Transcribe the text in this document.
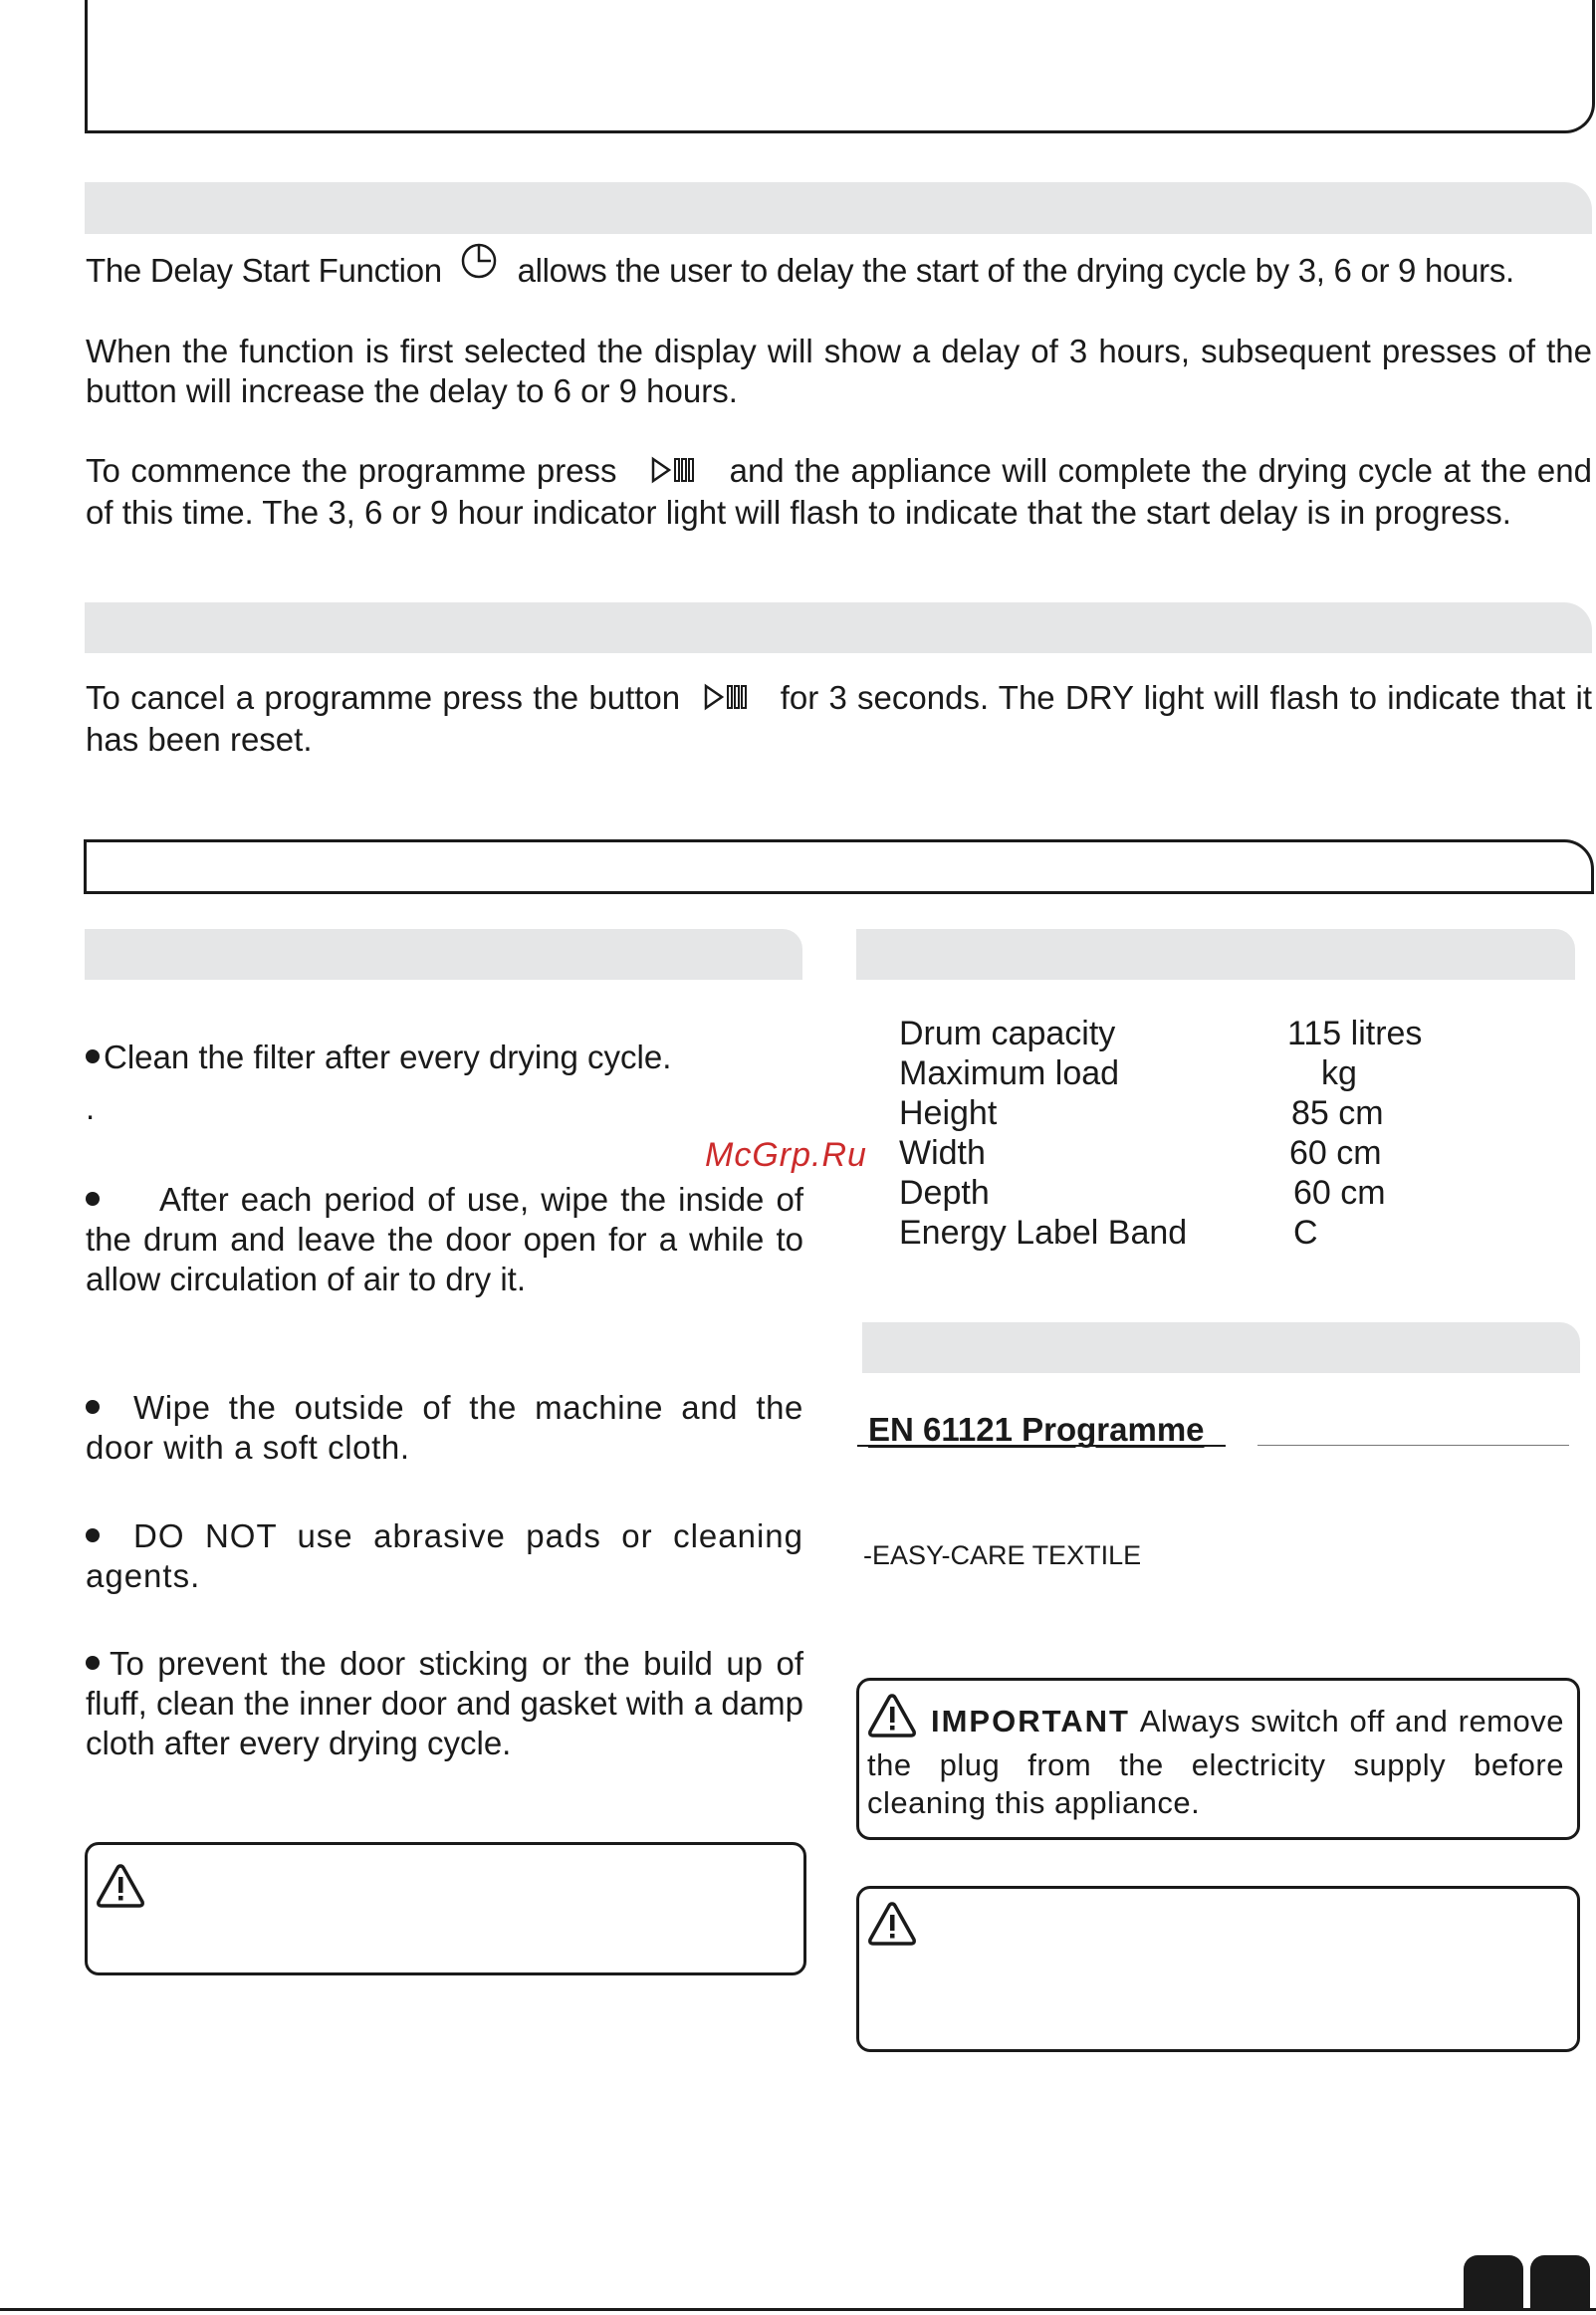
The Delay Start Function allows the user to delay the start of the drying cycle by 3, 6 or 9 hours.
When the function is first selected the display will show a delay of 3 hours, subsequent presses of the button will increase the delay to 6 or 9 hours.
To commence the programme press	and the appliance will complete the drying cycle at the end of this time. The 3, 6 or 9 hour indicator light will flash to indicate that the start delay is in progress.
To cancel a programme press the button	for 3 seconds. The DRY light will flash to indicate that it has been reset.
Clean the filter after every drying cycle.
.
After each period of use, wipe the inside of the drum and leave the door open for a while to allow circulation of air to dry it.
Wipe the outside of the machine and the door with a soft cloth.
DO NOT use abrasive pads or cleaning agents.
To prevent the door sticking or the build up of fluff, clean the inner door and gasket with a damp cloth after every drying cycle.
Drum capacity	115 litres
Maximum load	kg
Height	85 cm
Width	60 cm
Depth	60 cm
Energy Label Band	C
McGrp.Ru
EN 61121 Programme
-EASY-CARE TEXTILE
IMPORTANT Always switch off and remove the plug from the electricity supply before cleaning this appliance.
